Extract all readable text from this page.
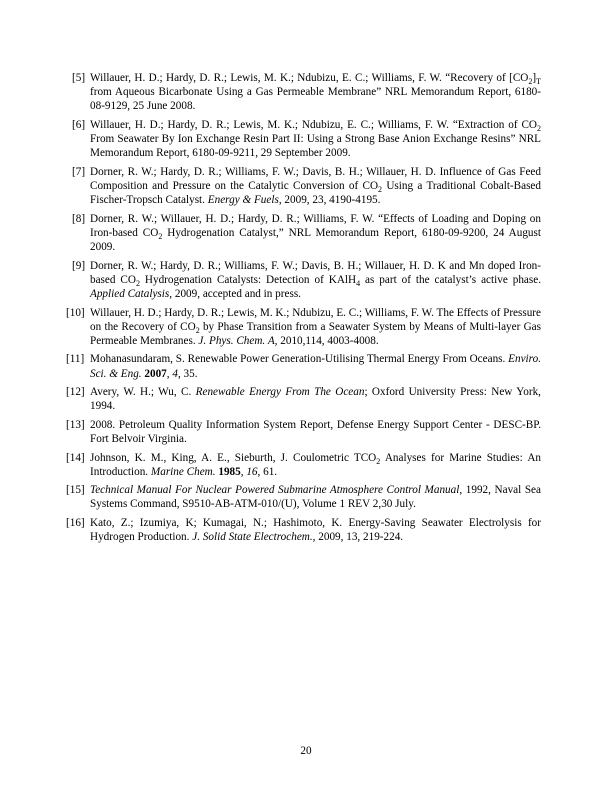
[5] Willauer, H. D.; Hardy, D. R.; Lewis, M. K.; Ndubizu, E. C.; Williams, F. W. “Recovery of $[CO_2]_T$ from Aqueous Bicarbonate Using a Gas Permeable Membrane” NRL Memorandum Report, 6180-08-9129, 25 June 2008.
[6] Willauer, H. D.; Hardy, D. R.; Lewis, M. K.; Ndubizu, E. C.; Williams, F. W. “Extraction of $CO_2$ From Seawater By Ion Exchange Resin Part II: Using a Strong Base Anion Exchange Resins” NRL Memorandum Report, 6180-09-9211, 29 September 2009.
[7] Dorner, R. W.; Hardy, D. R.; Williams, F. W.; Davis, B. H.; Willauer, H. D. Influence of Gas Feed Composition and Pressure on the Catalytic Conversion of $CO_2$ Using a Traditional Cobalt-Based Fischer-Tropsch Catalyst. Energy & Fuels, 2009, 23, 4190-4195.
[8] Dorner, R. W.; Willauer, H. D.; Hardy, D. R.; Williams, F. W. “Effects of Loading and Doping on Iron-based $CO_2$ Hydrogenation Catalyst,” NRL Memorandum Report, 6180-09-9200, 24 August 2009.
[9] Dorner, R. W.; Hardy, D. R.; Williams, F. W.; Davis, B. H.; Willauer, H. D. K and Mn doped Iron-based $CO_2$ Hydrogenation Catalysts: Detection of KAlH$_4$ as part of the catalyst’s active phase. Applied Catalysis, 2009, accepted and in press.
[10] Willauer, H. D.; Hardy, D. R.; Lewis, M. K.; Ndubizu, E. C.; Williams, F. W. The Effects of Pressure on the Recovery of $CO_2$ by Phase Transition from a Seawater System by Means of Multi-layer Gas Permeable Membranes. J. Phys. Chem. A, 2010,114, 4003-4008.
[11] Mohanasundaram, S. Renewable Power Generation-Utilising Thermal Energy From Oceans. Enviro. Sci. & Eng. 2007, 4, 35.
[12] Avery, W. H.; Wu, C. Renewable Energy From The Ocean; Oxford University Press: New York, 1994.
[13] 2008. Petroleum Quality Information System Report, Defense Energy Support Center - DESC-BP. Fort Belvoir Virginia.
[14] Johnson, K. M., King, A. E., Sieburth, J. Coulometric $TCO_2$ Analyses for Marine Studies: An Introduction. Marine Chem. 1985, 16, 61.
[15] Technical Manual For Nuclear Powered Submarine Atmosphere Control Manual, 1992, Naval Sea Systems Command, S9510-AB-ATM-010/(U), Volume 1 REV 2,30 July.
[16] Kato, Z.; Izumiya, K; Kumagai, N.; Hashimoto, K. Energy-Saving Seawater Electrolysis for Hydrogen Production. J. Solid State Electrochem., 2009, 13, 219-224.
20
